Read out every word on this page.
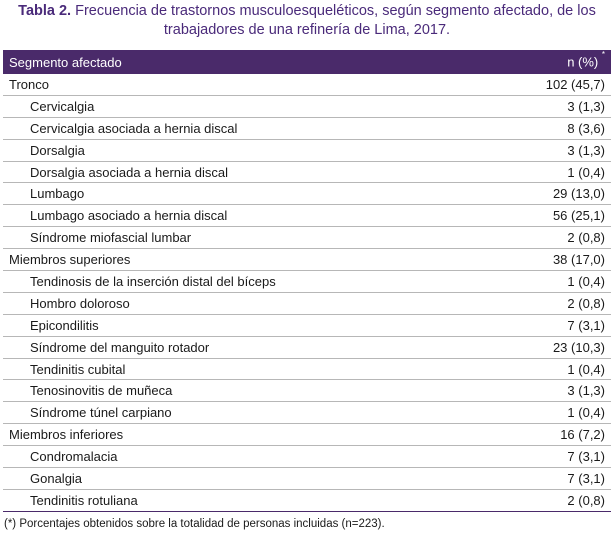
Tabla 2. Frecuencia de trastornos musculoesqueléticos, según segmento afectado, de los trabajadores de una refinería de Lima, 2017.
Segmento afectado	n (%) *
Tronco	102 (45,7)
Cervicalgia	3 (1,3)
Cervicalgia asociada a hernia discal	8 (3,6)
Dorsalgia	3 (1,3)
Dorsalgia asociada a hernia discal	1 (0,4)
Lumbago	29 (13,0)
Lumbago asociado a hernia discal	56 (25,1)
Síndrome miofascial lumbar	2 (0,8)
Miembros superiores	38 (17,0)
Tendinosis de la inserción distal del bíceps	1 (0,4)
Hombro doloroso	2 (0,8)
Epicondilitis	7 (3,1)
Síndrome del manguito rotador	23 (10,3)
Tendinitis cubital	1 (0,4)
Tenosinovitis de muñeca	3 (1,3)
Síndrome túnel carpiano	1 (0,4)
Miembros inferiores	16 (7,2)
Condromalacia	7 (3,1)
Gonalgia	7 (3,1)
Tendinitis rotuliana	2 (0,8)
(*) Porcentajes obtenidos sobre la totalidad de personas incluidas (n=223).
